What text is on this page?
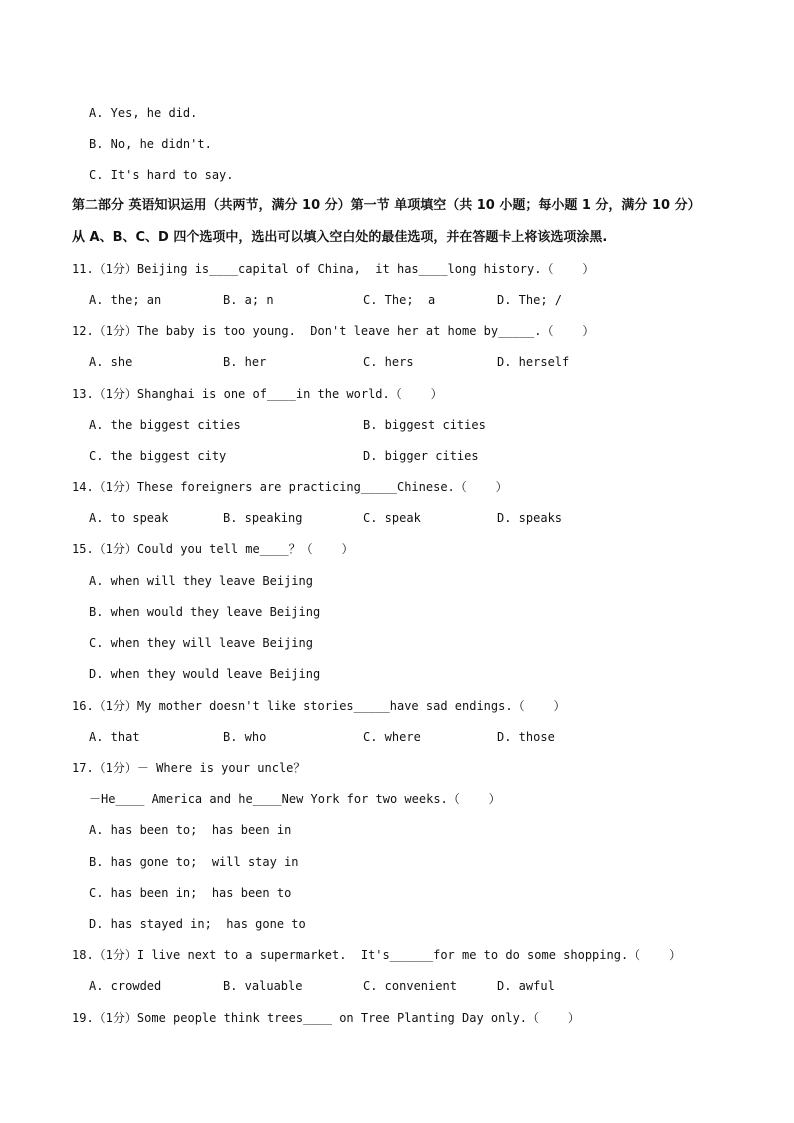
A. Yes, he did.
B. No, he didn't.
C. It's hard to say.
第二部分 英语知识运用（共两节，满分 10 分）第一节 单项填空（共 10 小题；每小题 1 分，满分 10 分）
从 A、B、C、D 四个选项中，选出可以填入空白处的最佳选项，并在答题卡上将该选项涂黑.
11.（1分）Beijing is____capital of China,  it has____long history.（    ）

A. the; an

	B. a; n

	C. The;  a

	D. The; /

12.（1分）The baby is too young.  Don't leave her at home by_____.（    ）

A. she

	B. her

	C. hers

	D. herself

13.（1分）Shanghai is one of____in the world.（    ）

A. the biggest cities

	B. biggest cities

C. the biggest city

	D. bigger cities

14.（1分）These foreigners are practicing_____Chinese.（    ）

A. to speak

	B. speaking

	C. speak

	D. speaks

15.（1分）Could you tell me____？（    ）
A. when will they leave Beijing
B. when would they leave Beijing
C. when they will leave Beijing
D. when they would leave Beijing
16.（1分）My mother doesn't like stories_____have sad endings.（    ）

A. that

	B. who

	C. where

	D. those

17.（1分）－ Where is your uncle？
－He____ America and he____New York for two weeks.（    ）
A. has been to;  has been in
B. has gone to;  will stay in
C. has been in;  has been to
D. has stayed in;  has gone to
18.（1分）I live next to a supermarket.  It's______for me to do some shopping.（    ）

A. crowded

	B. valuable

	C. convenient

	D. awful

19.（1分）Some people think trees____ on Tree Planting Day only.（    ）
